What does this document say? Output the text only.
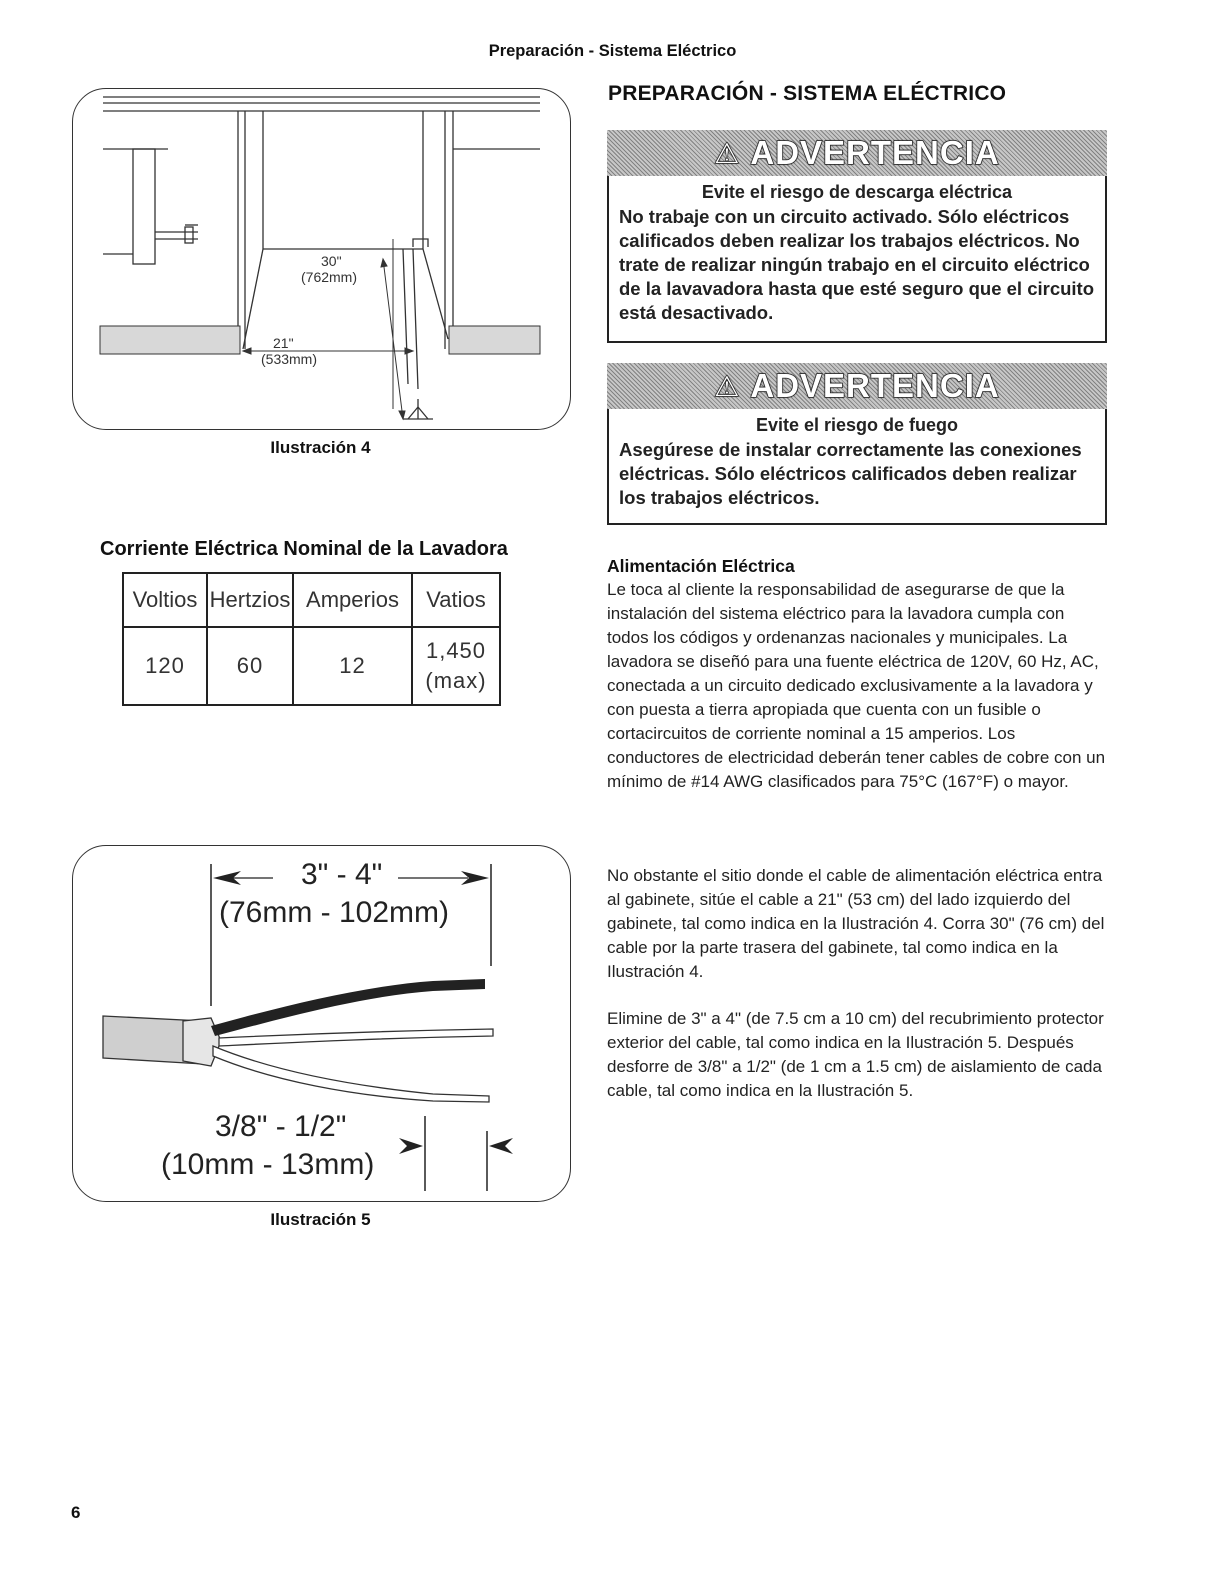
Preparación - Sistema Eléctrico
30"
(762mm)
21"
(533mm)
Ilustración 4
Corriente Eléctrica Nominal de la Lavadora
Voltios	Hertzios	Amperios	Vatios
120	60	12	1,450
(max)
3" - 4"
(76mm - 102mm)
3/8" - 1/2"
(10mm - 13mm)
Ilustración 5
PREPARACIÓN - SISTEMA ELÉCTRICO
⚠ ADVERTENCIA
Evite el riesgo de descarga eléctrica
No trabaje con un circuito activado. Sólo eléctricos calificados deben realizar los trabajos eléctricos. No trate de realizar ningún trabajo en el circuito eléctrico de la lavavadora hasta que esté seguro que el circuito está desactivado.
⚠ ADVERTENCIA
Evite el riesgo de fuego
Asegúrese de instalar correctamente las conexiones eléctricas. Sólo eléctricos calificados deben realizar los trabajos eléctricos.
Alimentación Eléctrica
Le toca al cliente la responsabilidad de asegurarse de que la instalación del sistema eléctrico para la lavadora cumpla con todos los códigos y ordenanzas nacionales y municipales. La lavadora se diseñó para una fuente eléctrica de 120V, 60 Hz, AC, conectada a un circuito dedicado exclusivamente a la lavadora y con puesta a tierra apropiada que cuenta con un fusible o cortacircuitos de corriente nominal a 15 amperios. Los conductores de electricidad deberán tener cables de cobre con un mínimo de #14 AWG clasificados para 75°C (167°F) o mayor.
No obstante el sitio donde el cable de alimentación eléctrica entra al gabinete, sitúe el cable a 21" (53 cm) del lado izquierdo del gabinete, tal como indica en la Ilustración 4. Corra 30" (76 cm) del cable por la parte trasera del gabinete, tal como indica en la Ilustración 4.
Elimine de 3" a 4" (de 7.5 cm a 10 cm) del recubrimiento protector exterior del cable, tal como indica en la Ilustración 5. Después desforre de 3/8" a 1/2" (de 1 cm a 1.5 cm) de aislamiento de cada cable, tal como indica en la Ilustración 5.
6
